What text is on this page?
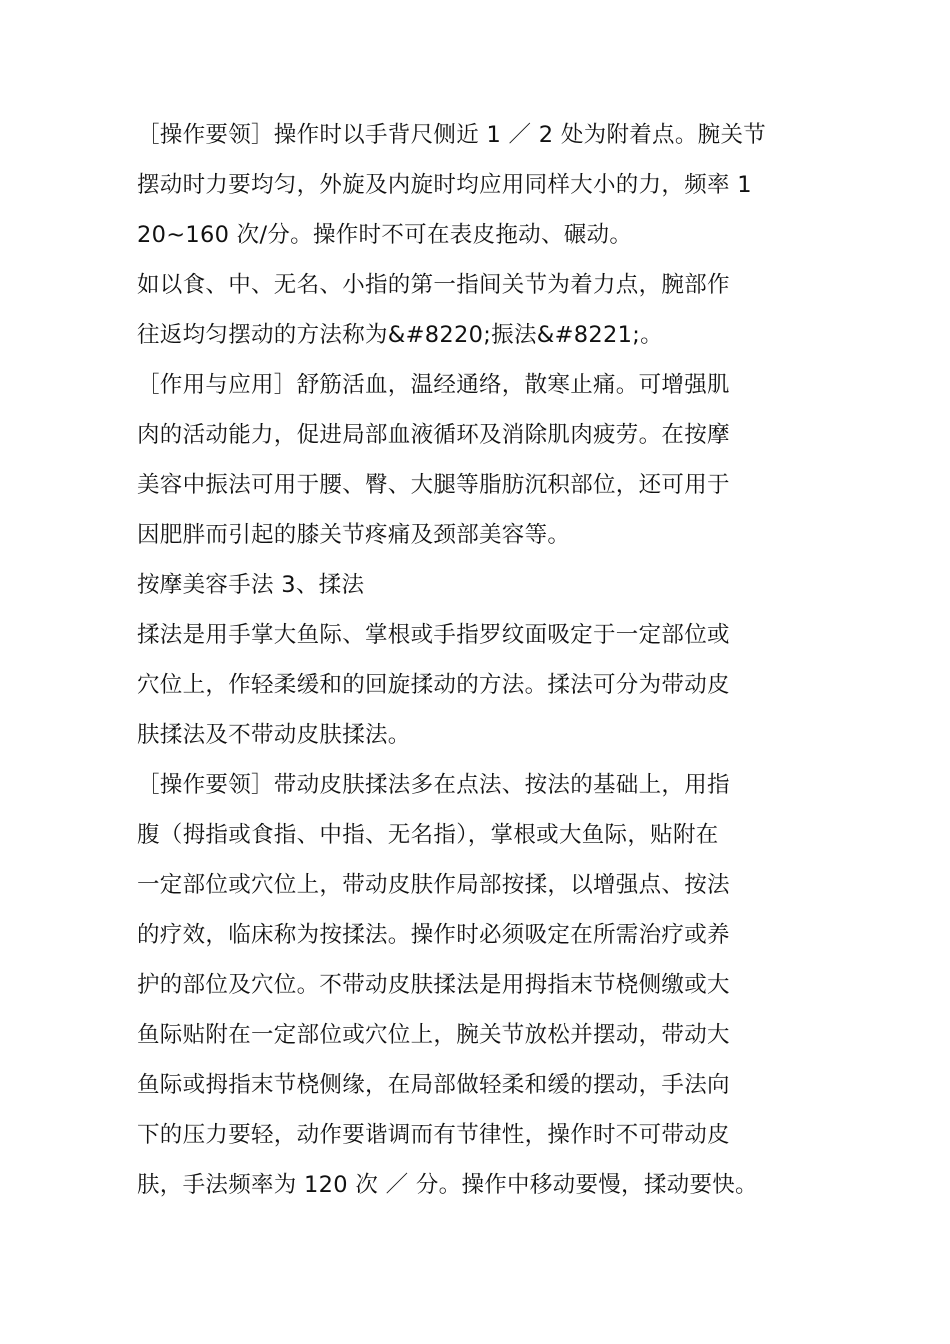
［操作要领］操作时以手背尺侧近 1 ／ 2 处为附着点。腕关节
摆动时力要均匀，外旋及内旋时均应用同样大小的力，频率 1
20~160 次/分。操作时不可在表皮拖动、碾动。
如以食、中、无名、小指的第一指间关节为着力点，腕部作
往返均匀摆动的方法称为&#8220;振法&#8221;。
［作用与应用］舒筋活血，温经通络，散寒止痛。可增强肌
肉的活动能力，促进局部血液循环及消除肌肉疲劳。在按摩
美容中振法可用于腰、臀、大腿等脂肪沉积部位，还可用于
因肥胖而引起的膝关节疼痛及颈部美容等。
按摩美容手法 3、揉法
揉法是用手掌大鱼际、掌根或手指罗纹面吸定于一定部位或
穴位上，作轻柔缓和的回旋揉动的方法。揉法可分为带动皮
肤揉法及不带动皮肤揉法。
［操作要领］带动皮肤揉法多在点法、按法的基础上，用指
腹（拇指或食指、中指、无名指），掌根或大鱼际，贴附在
一定部位或穴位上，带动皮肤作局部按揉，以增强点、按法
的疗效，临床称为按揉法。操作时必须吸定在所需治疗或养
护的部位及穴位。不带动皮肤揉法是用拇指末节桡侧缴或大
鱼际贴附在一定部位或穴位上，腕关节放松并摆动，带动大
鱼际或拇指末节桡侧缘，在局部做轻柔和缓的摆动，手法向
下的压力要轻，动作要谐调而有节律性，操作时不可带动皮
肤，手法频率为 120 次 ／ 分。操作中移动要慢，揉动要快。
